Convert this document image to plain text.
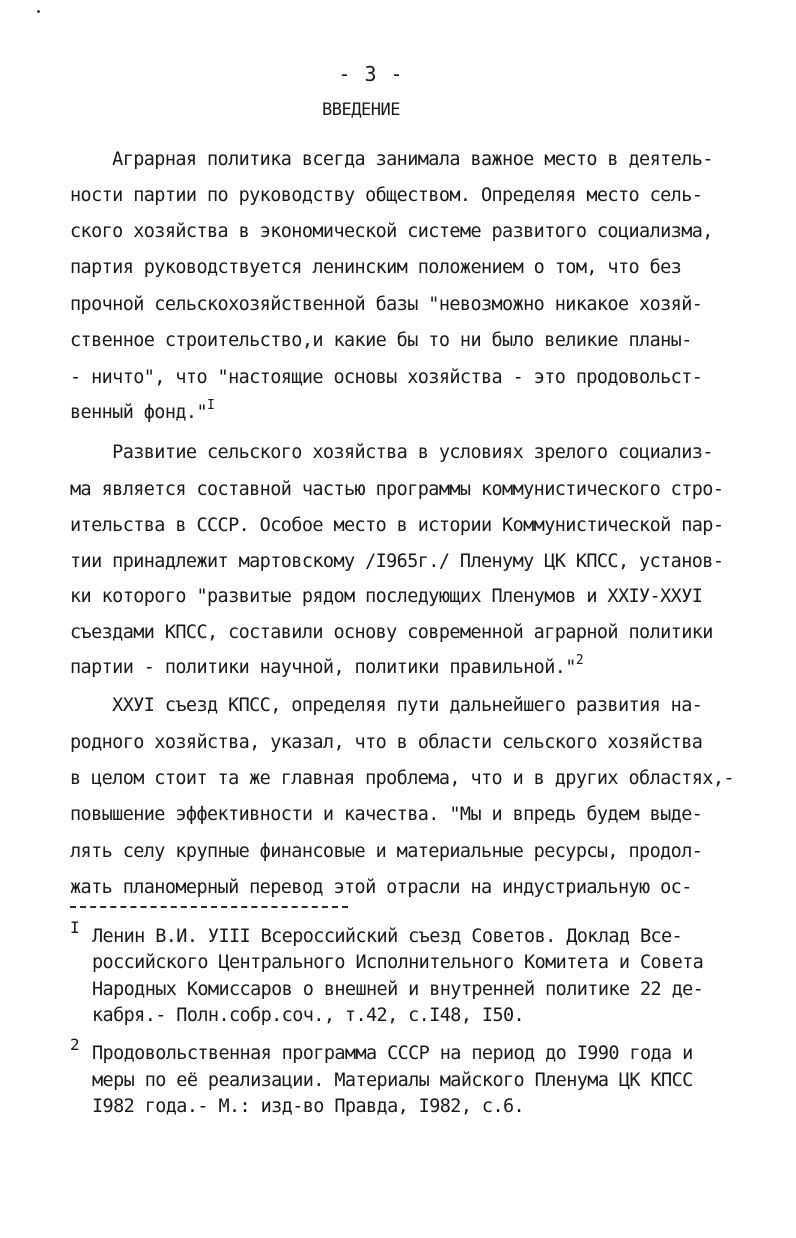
- 3 -
ВВЕДЕНИЕ
Аграрная политика всегда занимала важное место в деятель-
ности партии по руководству обществом. Определяя место сель-
ского хозяйства в экономической системе развитого социализма,
партия руководствуется ленинским положением о том, что без
прочной сельскохозяйственной базы "невозможно никакое хозяй-
ственное строительство,и какие бы то ни было великие планы-
- ничто", что "настоящие основы хозяйства - это продовольст-
венный фонд."$^I$
Развитие сельского хозяйства в условиях зрелого социализ-
ма является составной частью программы коммунистического стро-
ительства в СССР. Особое место в истории Коммунистической пар-
тии принадлежит мартовскому /I965г./ Пленуму ЦК КПСС, установ-
ки которого "развитые рядом последующих Пленумов и XXIУ-XXУI
съездами КПСС, составили основу современной аграрной политики
партии - политики научной, политики правильной."$^2$
XXУI съезд КПСС, определяя пути дальнейшего развития на-
родного хозяйства, указал, что в области сельского хозяйства
в целом стоит та же главная проблема, что и в других областях,-
повышение эффективности и качества. "Мы и впредь будем выде-
лять селу крупные финансовые и материальные ресурсы, продол-
жать планомерный перевод этой отрасли на индустриальную ос-
I Ленин В.И. УIII Всероссийский съезд Советов. Доклад Все-
российского Центрального Исполнительного Комитета и Совета
Народных Комиссаров о внешней и внутренней политике 22 де-
кабря.- Полн.собр.соч., т.42, с.I48, I50.
2 Продовольственная программа СССР на период до I990 года и
меры по её реализации. Материалы майского Пленума ЦК КПСС
I982 года.- М.: изд-во Правда, I982, с.6.
